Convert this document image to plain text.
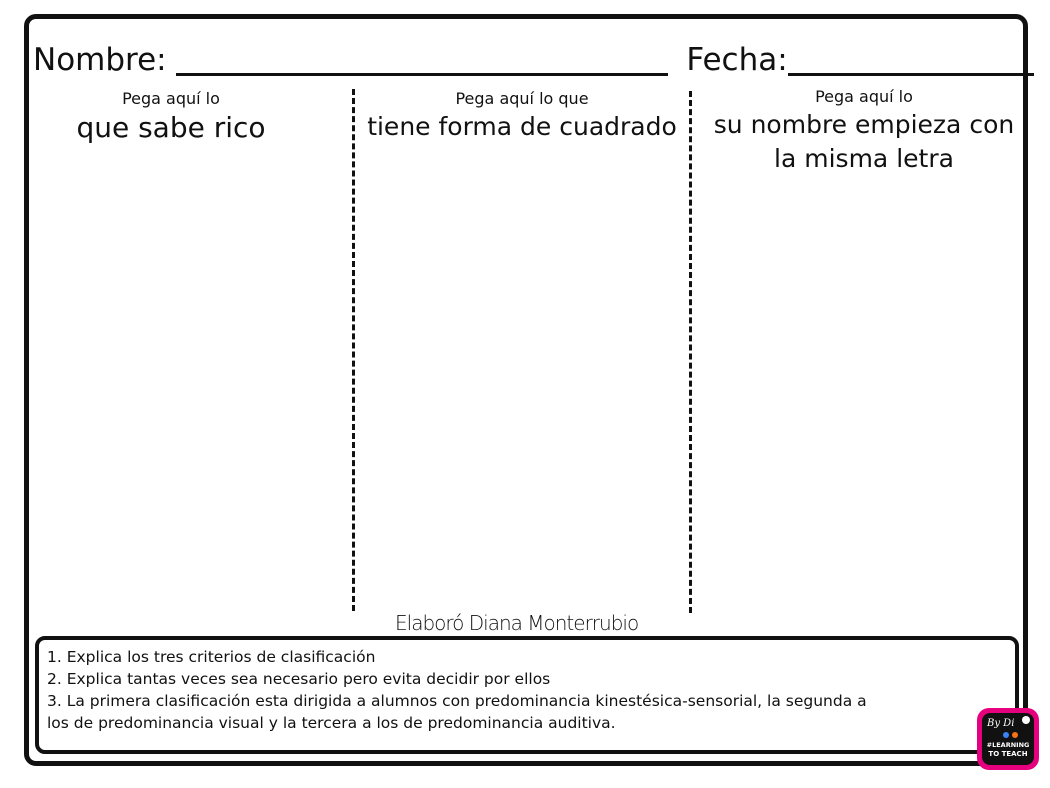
Nombre:	Fecha:
Pega aquí lo
que sabe rico
Pega aquí lo que
tiene forma de cuadrado
Pega aquí lo
su nombre empieza con
la misma letra
Elaboró Diana Monterrubio
1. Explica los tres criterios de clasificación
2. Explica tantas veces sea necesario pero evita decidir por ellos
3. La primera clasificación esta dirigida a alumnos con predominancia kinestésica-sensorial, la segunda a
los de predominancia visual y la tercera a los de predominancia auditiva.	By Di
#LEARNING
TO TEACH
